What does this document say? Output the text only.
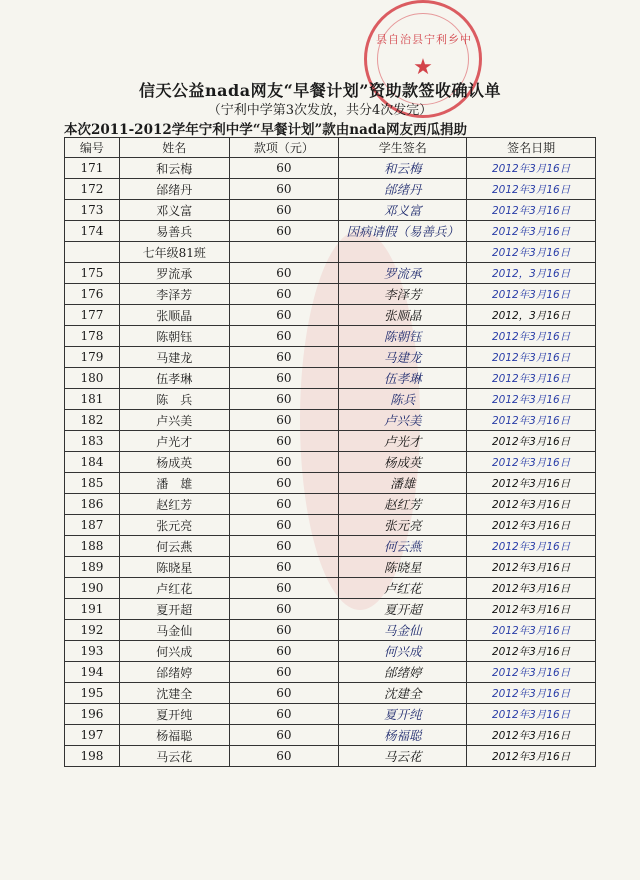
县自治县宁利乡中
★
信天公益nada网友“早餐计划”资助款签收确认单
（宁利中学第3次发放，共分4次发完）
本次2011-2012学年宁利中学“早餐计划”款由nada网友西瓜捐助
编号	姓名	款项（元）	学生签名	签名日期
171	和云梅	60	和云梅	2012年3月16日
172	邰绪丹	60	邰绪丹	2012年3月16日
173	邓义富	60	邓义富	2012年3月16日
174	易善兵	60	因病请假（易善兵）	2012年3月16日
	七年级81班			2012年3月16日
175	罗流承	60	罗流承	2012，3月16日
176	李泽芳	60	李泽芳	2012年3月16日
177	张顺晶	60	张顺晶	2012，3月16日
178	陈朝钰	60	陈朝钰	2012年3月16日
179	马建龙	60	马建龙	2012年3月16日
180	伍孝琳	60	伍孝琳	2012年3月16日
181	陈　兵	60	陈兵	2012年3月16日
182	卢兴美	60	卢兴美	2012年3月16日
183	卢光才	60	卢光才	2012年3月16日
184	杨成英	60	杨成英	2012年3月16日
185	潘　雄	60	潘雄	2012年3月16日
186	赵红芳	60	赵红芳	2012年3月16日
187	张元亮	60	张元亮	2012年3月16日
188	何云燕	60	何云燕	2012年3月16日
189	陈晓星	60	陈晓星	2012年3月16日
190	卢红花	60	卢红花	2012年3月16日
191	夏开超	60	夏开超	2012年3月16日
192	马金仙	60	马金仙	2012年3月16日
193	何兴成	60	何兴成	2012年3月16日
194	邰绪婷	60	邰绪婷	2012年3月16日
195	沈建全	60	沈建全	2012年3月16日
196	夏开纯	60	夏开纯	2012年3月16日
197	杨福聪	60	杨福聪	2012年3月16日
198	马云花	60	马云花	2012年3月16日
